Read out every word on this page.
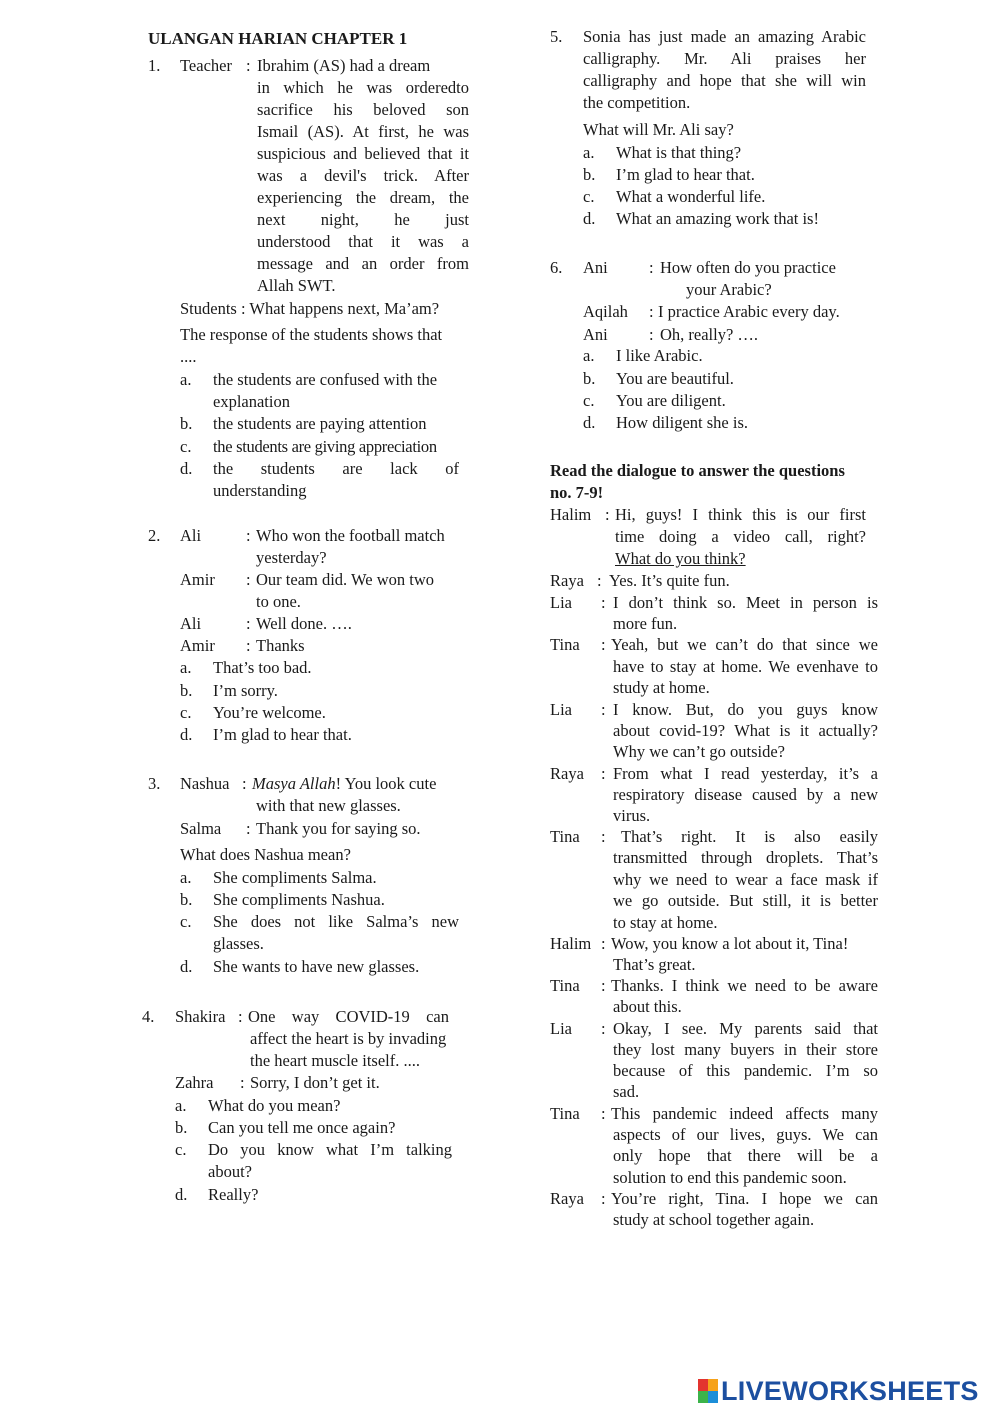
ULANGAN HARIAN CHAPTER 1
1. Teacher : Ibrahim (AS) had a dream
in which he was orderedto
sacrifice his beloved son
Ismail (AS). At first, he was
suspicious and believed that it
was a devil's trick. After
experiencing the dream, the
next night, he just
understood that it was a
message and an order from
Allah SWT.
Students : What happens next, Ma’am?
The response of the students shows that
....
a. the students are confused with the
explanation
b. the students are paying attention
c. the students are giving appreciation
d. the students are lack of
understanding
2. Ali	: Who won the football match
yesterday?
Amir : Our team did. We won two
to one.
Ali	: Well done. ….
Amir : Thanks
a. That’s too bad.
b. I’m sorry.
c. You’re welcome.
d. I’m glad to hear that.
3. Nashua : Masya Allah! You look cute
with that new glasses.
Salma : Thank you for saying so.
What does Nashua mean?
a. She compliments Salma.
b. She compliments Nashua.
c. She does not like Salma’s new
glasses.
d. She wants to have new glasses.
4. Shakira : One way COVID-19 can
affect the heart is by invading
the heart muscle itself. ....
Zahra : Sorry, I don’t get it.
a. What do you mean?
b. Can you tell me once again?
c. Do you know what I’m talking
about?
d. Really?
5. Sonia has just made an amazing Arabic
calligraphy. Mr. Ali praises her
calligraphy and hope that she will win
the competition.
What will Mr. Ali say?
a. What is that thing?
b. I’m glad to hear that.
c. What a wonderful life.
d. What an amazing work that is!
6. Ani	: How often do you practice
your Arabic?
Aqilah : I practice Arabic every day.
Ani	: Oh, really? ….
a. I like Arabic.
b. You are beautiful.
c. You are diligent.
d. How diligent she is.
Read the dialogue to answer the questions
no. 7-9!
Halim : Hi, guys! I think this is our first
time doing a video call, right?
What do you think?
Raya : Yes. It’s quite fun.
Lia : I don’t think so. Meet in person is
more fun.
Tina : Yeah, but we can’t do that since we
have to stay at home. We evenhave to
study at home.
Lia : I know. But, do you guys know
about covid-19? What is it actually?
Why we can’t go outside?
Raya : From what I read yesterday, it’s a
respiratory disease caused by a new
virus.
Tina : That’s right. It is also easily
transmitted through droplets. That’s
why we need to wear a face mask if
we go outside. But still, it is better
to stay at home.
Halim : Wow, you know a lot about it, Tina!
That’s great.
Tina : Thanks. I think we need to be aware
about this.
Lia : Okay, I see. My parents said that
they lost many buyers in their store
because of this pandemic. I’m so
sad.
Tina : This pandemic indeed affects many
aspects of our lives, guys. We can
only hope that there will be a
solution to end this pandemic soon.
Raya : You’re right, Tina. I hope we can
study at school together again.
LIVEWORKSHEETS
